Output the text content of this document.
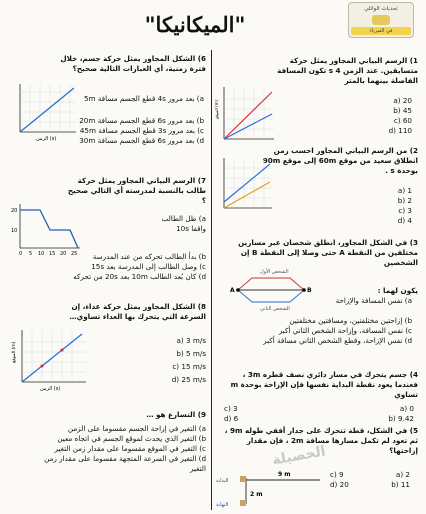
"الميكانيكا"
تحديات الوائلي
في الفيزياء
1) الرسم البياني المجاور يمثل حركة متسابقين. عند الزمن s 4 تكون المسافة الفاصلة بينهما بالمتر
الموقع (m)	a) 20
b) 45
c) 60
d) 110
2) من الرسم البياني المجاور احسب زمن انطلاق سعيد من موقع 60m إلى موقع 90m بوحدة s .
a) 1
b) 2
c) 3
d) 4
3) في الشكل المجاور، انطلق شخصان عبر مسارين مختلفين من النقطة A حتى وصلا إلى النقطة B إن الشخصين
يكون لهما :
الشخص الأول
الشخص الثاني
A	B
a) نفس المسافة والإزاحة
b) إزاحتين مختلفتين، ومسافتين مختلفتين
c) نفس المسافة، وإزاحة الشخص الثاني أكبر
d) نفس الإزاحة، وقطع الشخص الثاني مسافة أكبر
4) جسم يتحرك في مسار دائري نصف قطره 3m ، فعندما يعود نقطة البداية نفسها فإن الإزاحة بوحدة m تساوي
a) 0
c) 3
b) 9.42
d) 6
5) في الشكل، قطة تتحرك على جدار أفقي طوله 9m ، ثم تعود لم تكمل مسارها مسافة 2m ، فإن مقدار إزاحتها؟
9 m
2 m
البداية
النهاية
a) 2
c) 9
b) 11
d) 20
6) الشكل المجاور يمثل حركة جسم، خلال فترة زمنية، أي العبارات التالية صحيح؟
الزمن (s)
a) بعد مرور 4s قطع الجسم مسافة 5m
b) بعد مرور 6s قطع الجسم مسافة 20m
c) بعد مرور 3s قطع الجسم مسافة 45m
d) بعد مرور 6s قطع الجسم مسافة 30m
7) الرسم البياني المجاور يمثل حركة طالب بالنسبة لمدرسته أي التالي صحيح ؟
20
10
0 5 10 15 20 25
a) ظل الطالب واقفا 10s
b) بدأ الطالب تحركه من عند المدرسة
c) وصل الطالب إلى المدرسة بعد 15s
d) كان بُعد الطالب 10m بعد 20s من تحركه
8) الشكل المجاور يمثل حركة عداء، إن السرعة التي يتحرك بها العداء تساوي…
الموقع (m)
الزمن (s)
a) 3 m/s
b) 5 m/s
c) 15 m/s
d) 25 m/s
9) التسارع هو …
a) التغير في إزاحة الجسم مقسوما على الزمن
b) التغير الذي يحدث لموقع الجسم في اتجاه معين
c) التغير في الموقع مقسوما على مقدار زمن التغير
d) التغير في السرعة المتجهة مقسوما على مقدار زمن التغير	الحصيلة
